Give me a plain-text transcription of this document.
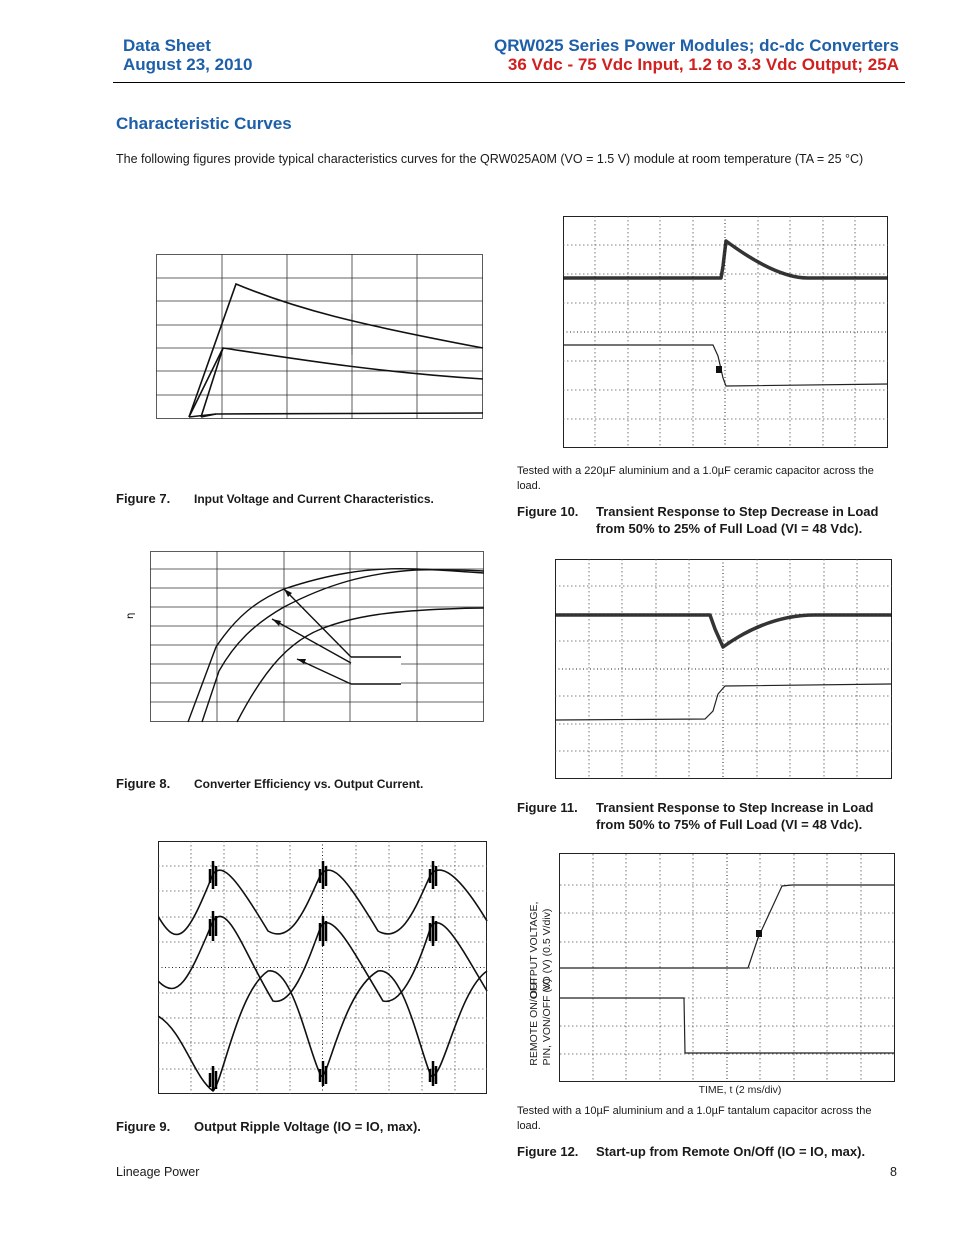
Data Sheet
August 23, 2010
QRW025 Series Power Modules; dc-dc Converters
36 Vdc - 75 Vdc Input, 1.2 to 3.3 Vdc Output; 25A
Characteristic Curves
The following figures provide typical characteristics curves for the QRW025A0M (VO = 1.5 V) module at room temperature (TA = 25 °C)
Figure 7.	Input Voltage and Current Characteristics.
η
Figure 8.	Converter Efficiency vs. Output Current.
Figure 9.	Output Ripple Voltage (IO = IO, max).
Tested with a 220µF aluminium and a 1.0µF ceramic capacitor across the load.
Figure 10.	Transient Response to Step Decrease in Load from 50% to 25% of Full Load (VI = 48 Vdc).
Figure 11.	Transient Response to Step Increase in Load from 50% to 75% of Full Load (VI = 48 Vdc).
OUTPUT VOLTAGE, VO (V) (0.5 V/div)
REMOTE ON/OFF PIN, VON/OFF (V)
TIME, t (2 ms/div)
Tested with a 10µF aluminium and a 1.0µF tantalum capacitor across the load.
Figure 12.	Start-up from Remote On/Off (IO = IO, max).
Lineage Power	8
